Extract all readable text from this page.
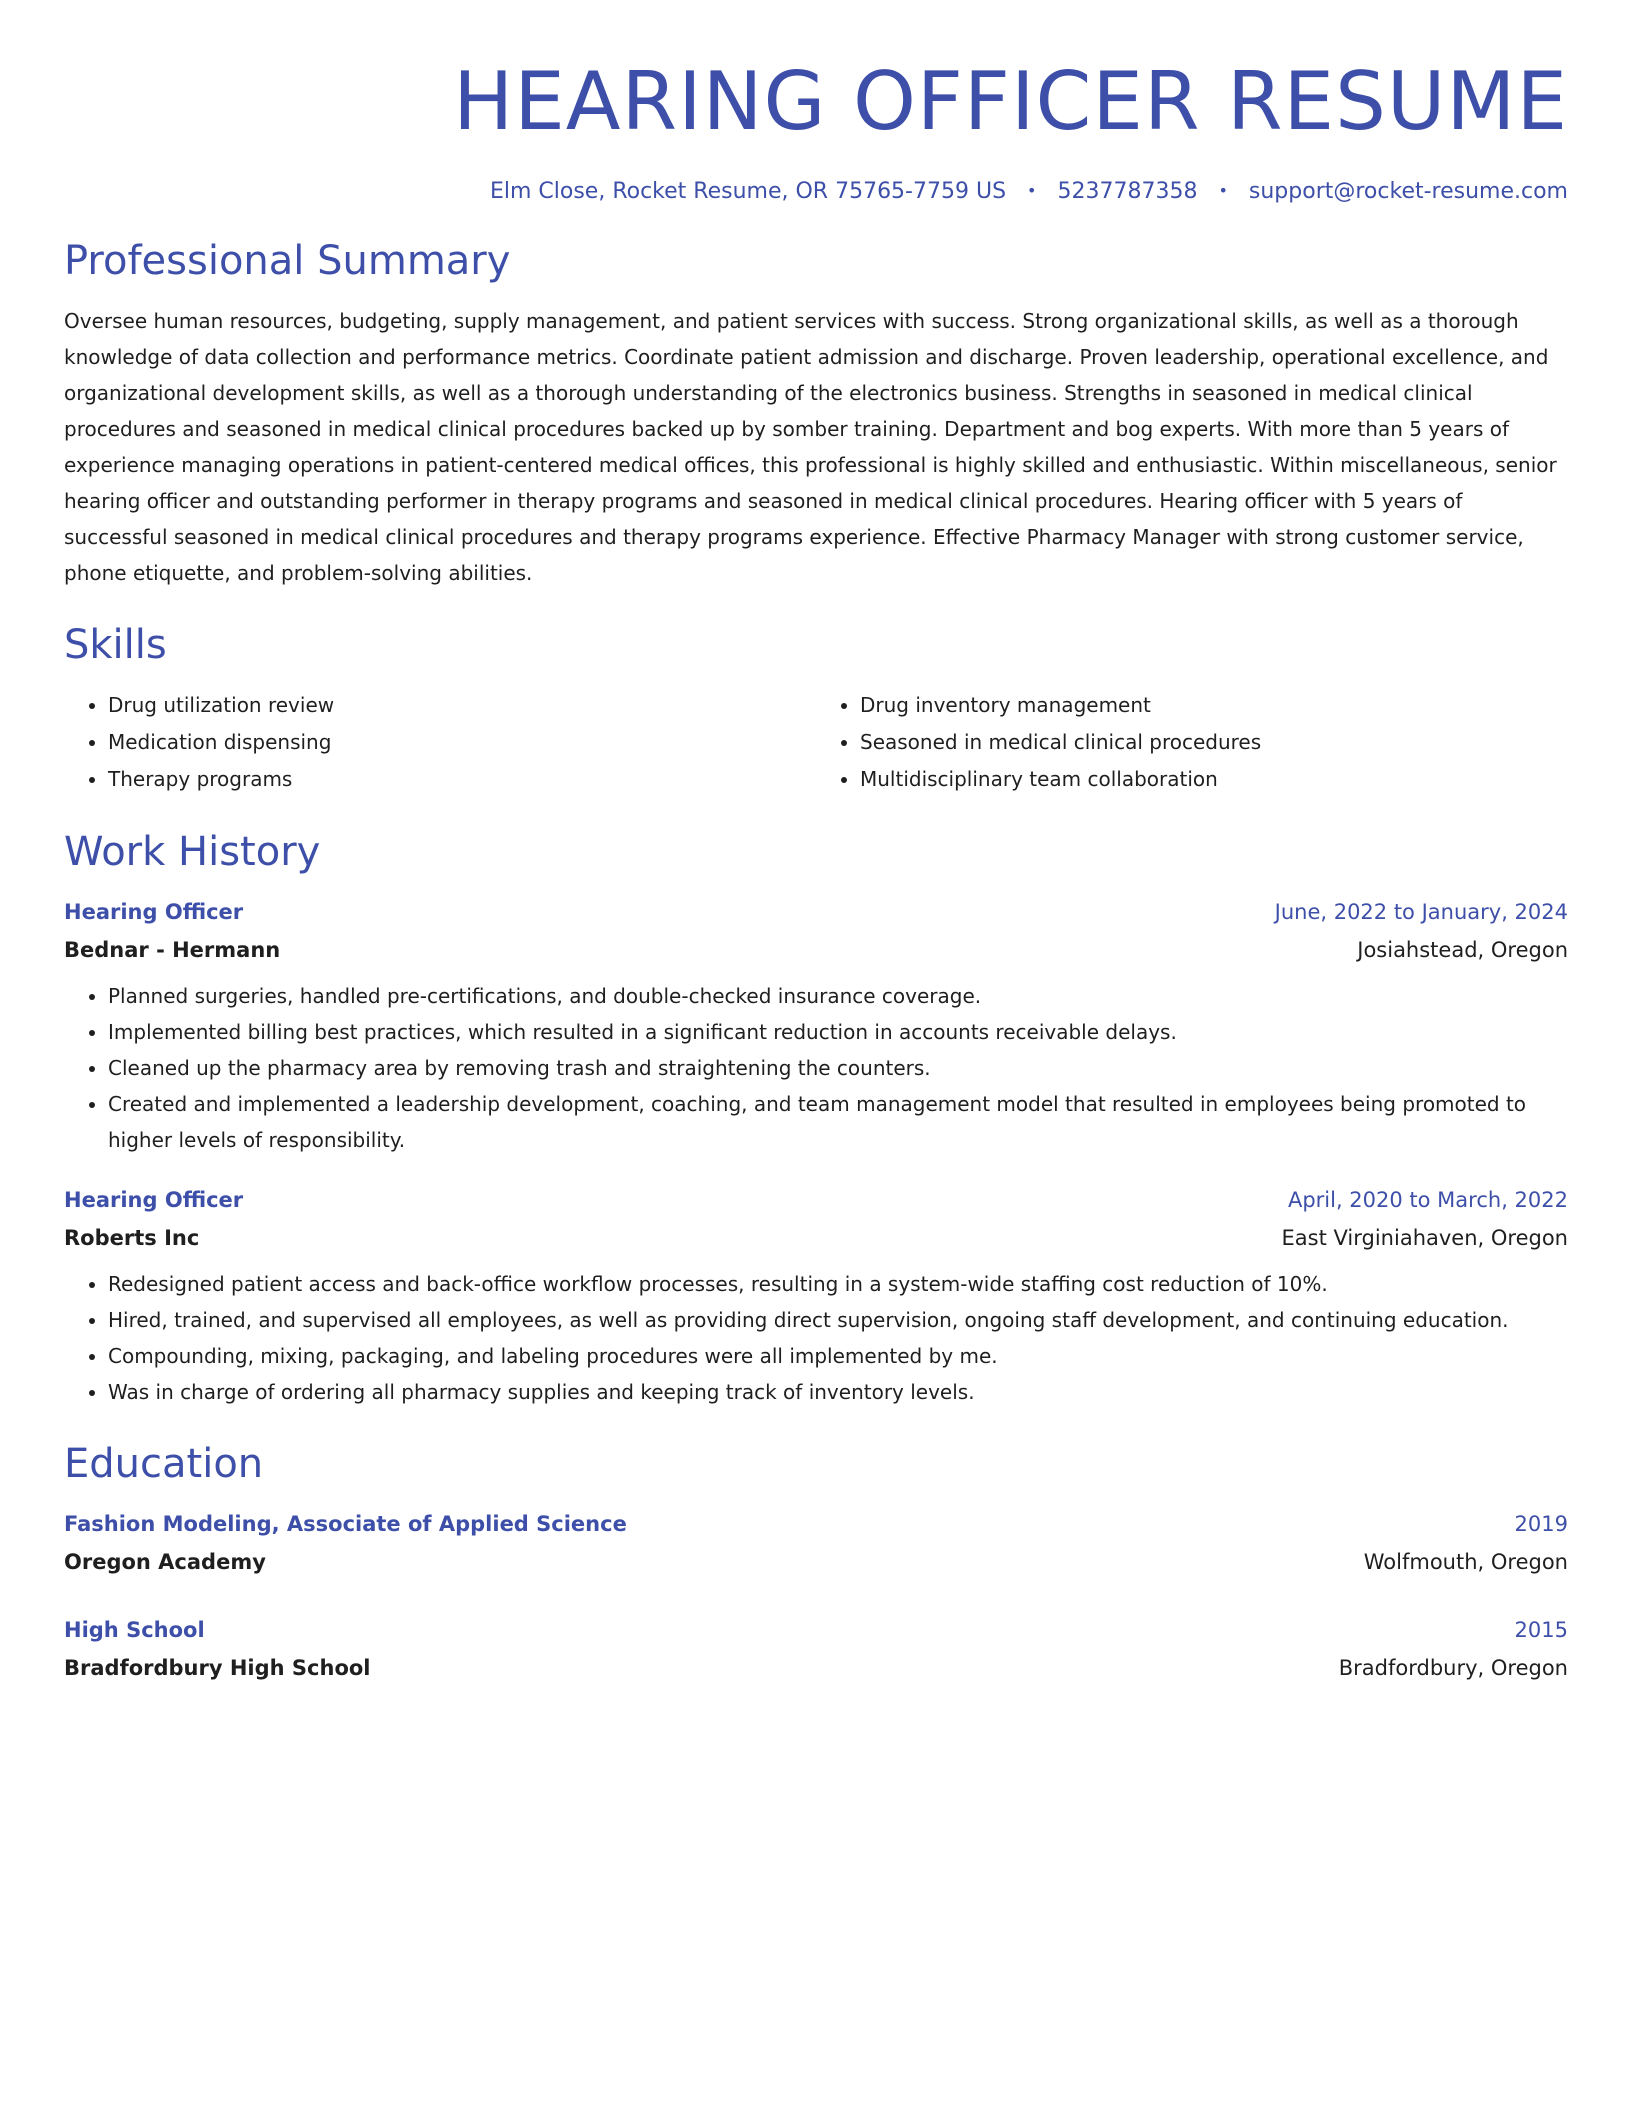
HEARING OFFICER RESUME
Elm Close, Rocket Resume, OR 75765-7759 US • 5237787358 • support@rocket-resume.com
Professional Summary

Oversee human resources, budgeting, supply management, and patient services with success. Strong organizational skills, as well as a thorough knowledge of data collection and performance metrics. Coordinate patient admission and discharge. Proven leadership, operational excellence, and organizational development skills, as well as a thorough understanding of the electronics business. Strengths in seasoned in medical clinical procedures and seasoned in medical clinical procedures backed up by somber training. Department and bog experts. With more than 5 years of experience managing operations in patient-centered medical offices, this professional is highly skilled and enthusiastic. Within miscellaneous, senior hearing officer and outstanding performer in therapy programs and seasoned in medical clinical procedures. Hearing officer with 5 years of successful seasoned in medical clinical procedures and therapy programs experience. Effective Pharmacy Manager with strong customer service, phone etiquette, and problem-solving abilities.

Skills
• Drug utilization review
• Medication dispensing
• Therapy programs
• Drug inventory management
• Seasoned in medical clinical procedures
• Multidisciplinary team collaboration
Work History
Hearing Officer	June, 2022 to January, 2024
Bednar - Hermann	Josiahstead, Oregon
• Planned surgeries, handled pre-certifications, and double-checked insurance coverage.
• Implemented billing best practices, which resulted in a significant reduction in accounts receivable delays.
• Cleaned up the pharmacy area by removing trash and straightening the counters.
• Created and implemented a leadership development, coaching, and team management model that resulted in employees being promoted to higher levels of responsibility.
Hearing Officer	April, 2020 to March, 2022
Roberts Inc	East Virginiahaven, Oregon
• Redesigned patient access and back-office workflow processes, resulting in a system-wide staffing cost reduction of 10%.
• Hired, trained, and supervised all employees, as well as providing direct supervision, ongoing staff development, and continuing education.
• Compounding, mixing, packaging, and labeling procedures were all implemented by me.
• Was in charge of ordering all pharmacy supplies and keeping track of inventory levels.
Education
Fashion Modeling, Associate of Applied Science	2019
Oregon Academy	Wolfmouth, Oregon
High School	2015
Bradfordbury High School	Bradfordbury, Oregon
